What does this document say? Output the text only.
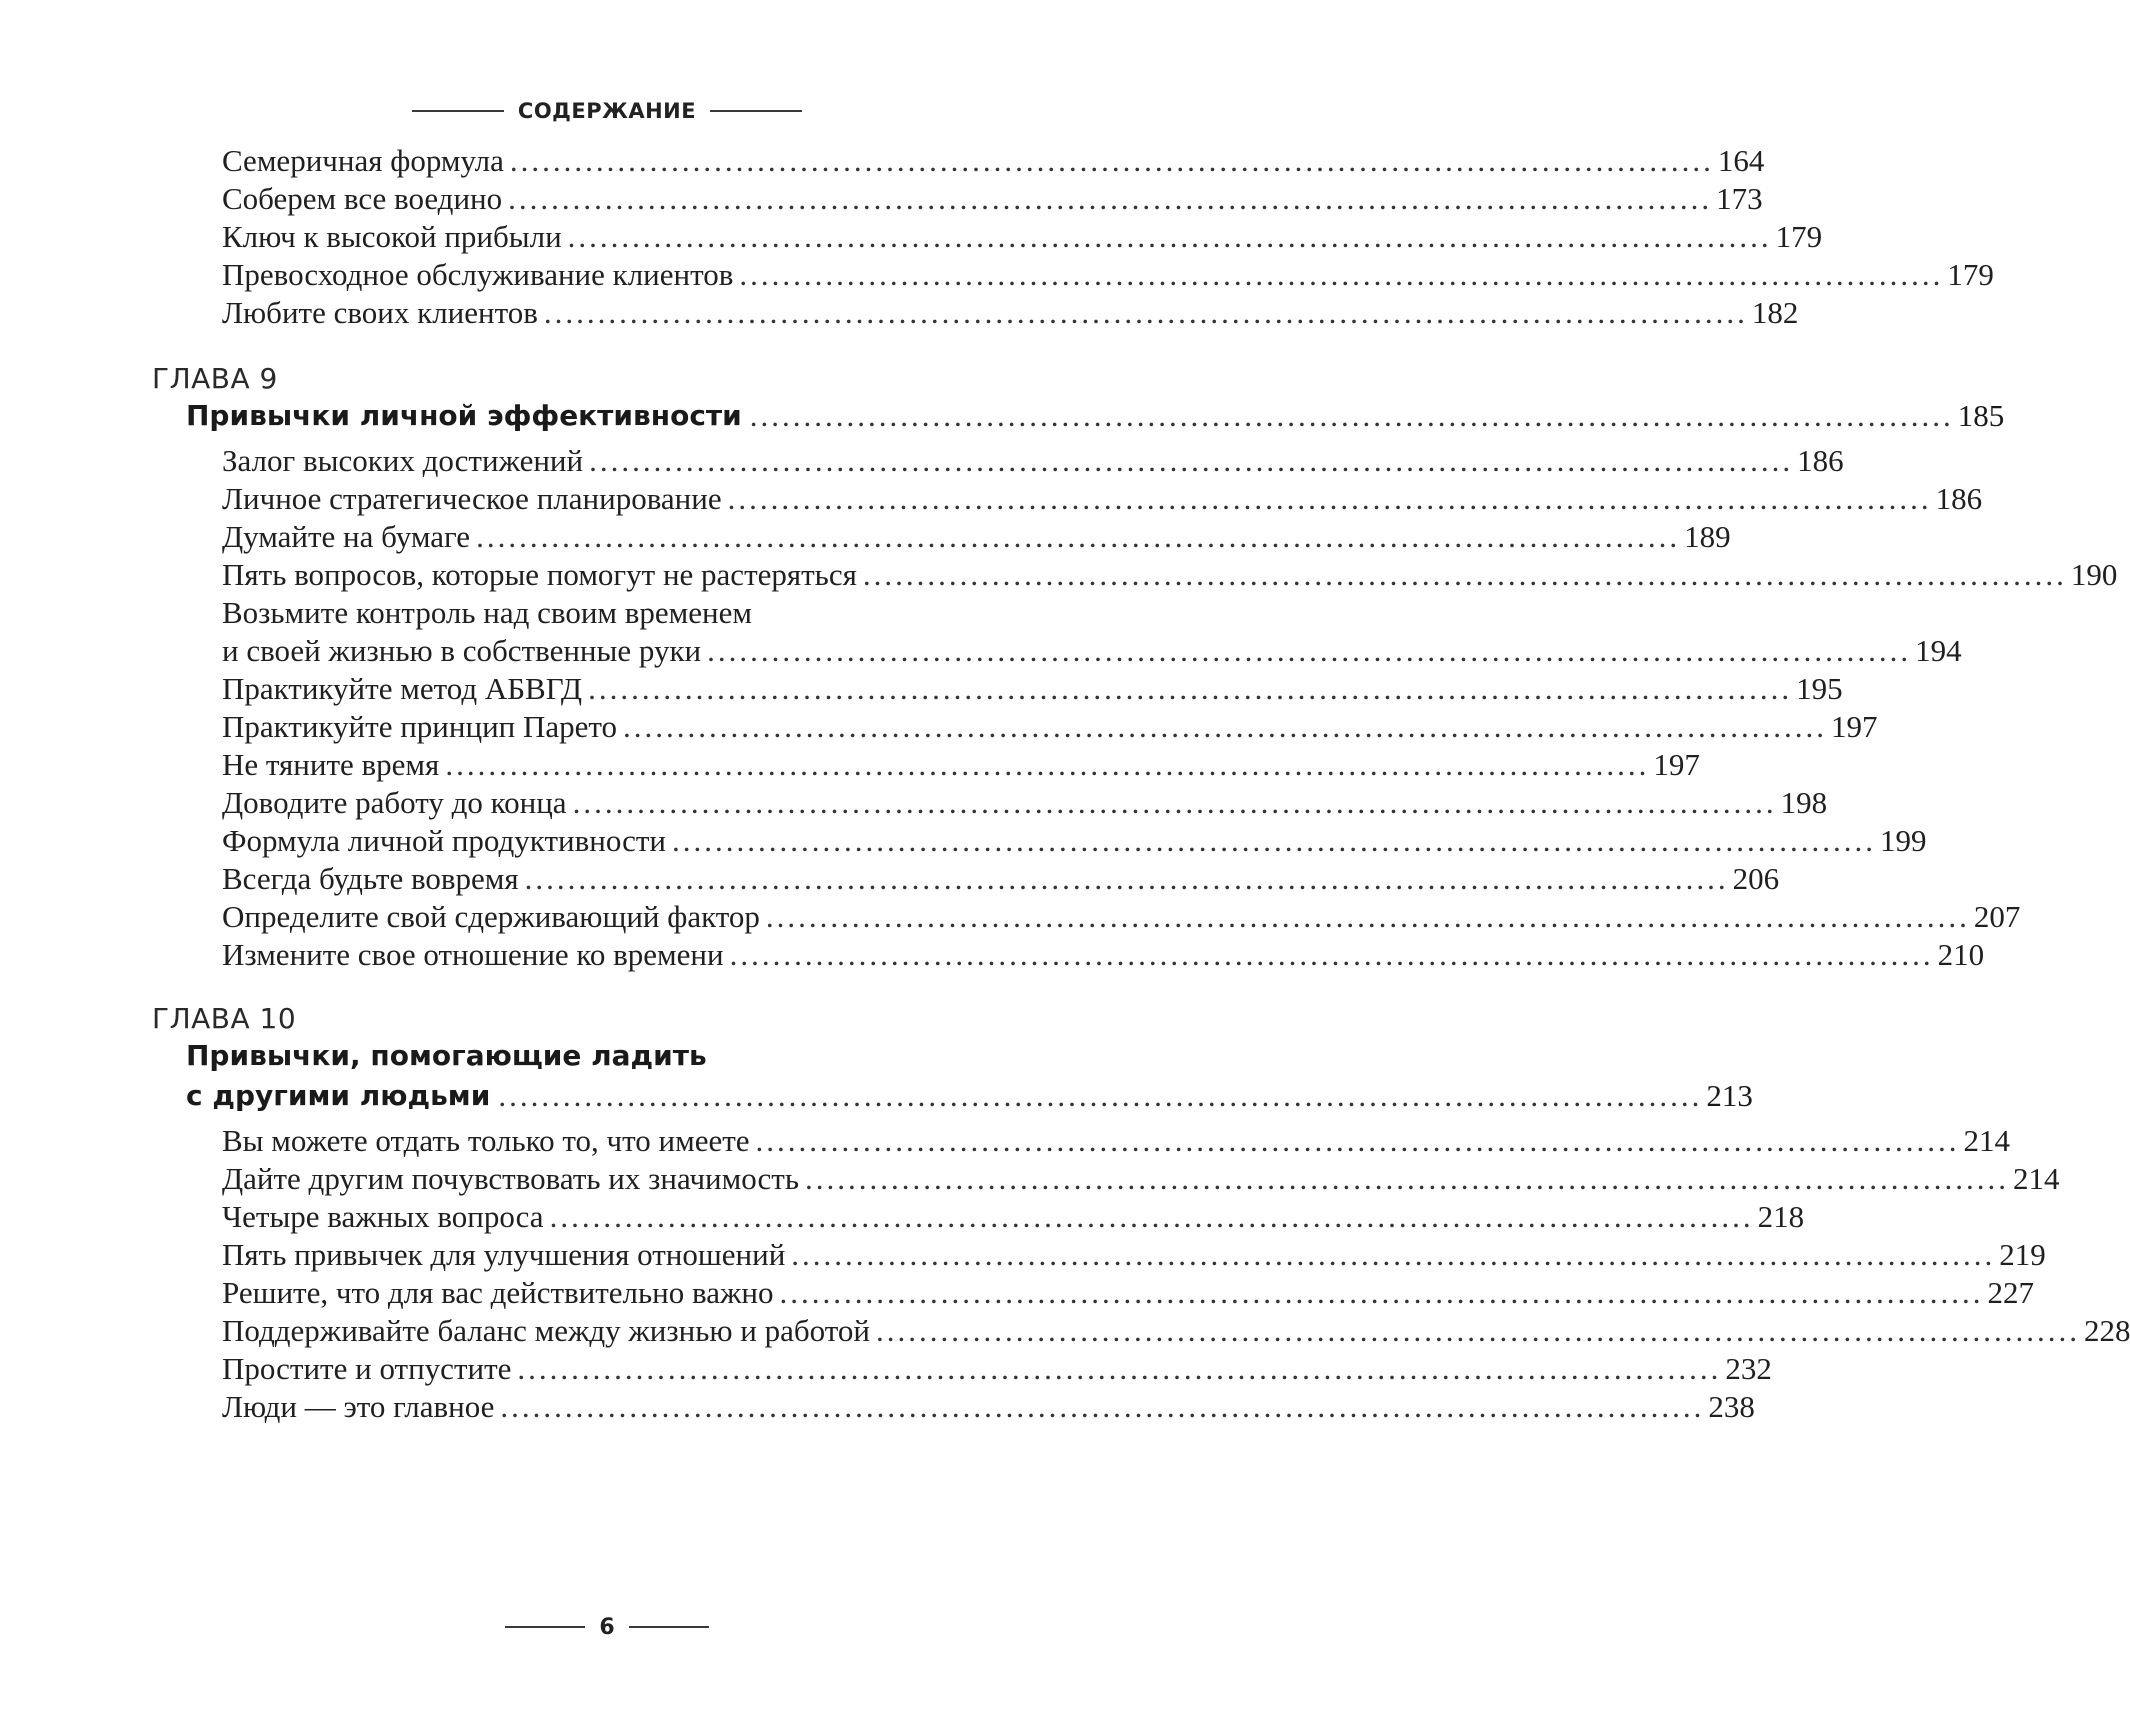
СОДЕРЖАНИЕ
Семеричная формула ................................................................................................................ 164
Соберем все воедино ................................................................................................................ 173
Ключ к высокой прибыли ................................................................................................................ 179
Превосходное обслуживание клиентов ................................................................................................................ 179
Любите своих клиентов ................................................................................................................ 182
ГЛАВА 9
Привычки личной эффективности ................................................................................................................ 185
Залог высоких достижений ................................................................................................................ 186
Личное стратегическое планирование ................................................................................................................ 186
Думайте на бумаге ................................................................................................................ 189
Пять вопросов, которые помогут не растеряться ................................................................................................................ 190
Возьмите контроль над своим временем
и своей жизнью в собственные руки ................................................................................................................ 194
Практикуйте метод АБВГД ................................................................................................................ 195
Практикуйте принцип Парето ................................................................................................................ 197
Не тяните время ................................................................................................................ 197
Доводите работу до конца ................................................................................................................ 198
Формула личной продуктивности ................................................................................................................ 199
Всегда будьте вовремя ................................................................................................................ 206
Определите свой сдерживающий фактор ................................................................................................................ 207
Измените свое отношение ко времени ................................................................................................................ 210
ГЛАВА 10
Привычки, помогающие ладить
с другими людьми ................................................................................................................ 213
Вы можете отдать только то, что имеете ................................................................................................................ 214
Дайте другим почувствовать их значимость ................................................................................................................ 214
Четыре важных вопроса ................................................................................................................ 218
Пять привычек для улучшения отношений ................................................................................................................ 219
Решите, что для вас действительно важно ................................................................................................................ 227
Поддерживайте баланс между жизнью и работой ................................................................................................................ 228
Простите и отпустите ................................................................................................................ 232
Люди — это главное ................................................................................................................ 238
6
